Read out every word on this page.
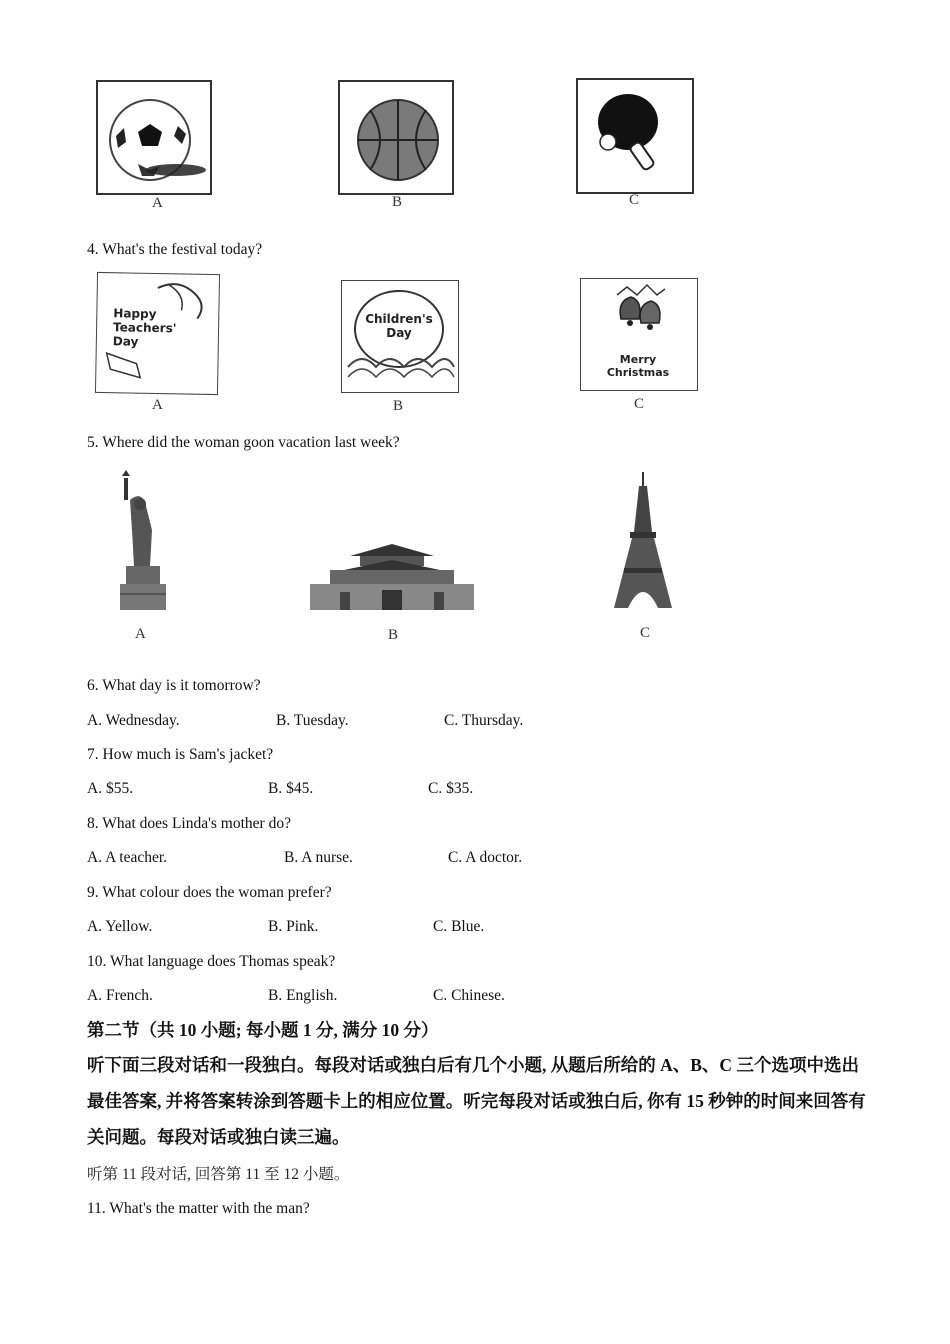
A	B	C
4. What's the festival today?
Happy
Teachers'
Day
A
Children's
Day
B
Merry
Christmas
C
5. Where did the woman goon vacation last week?
A	B	C
6. What day is it tomorrow?
A. Wednesday.	B. Tuesday.	C. Thursday.
7. How much is Sam's jacket?
A. $55.	B. $45.	C. $35.
8. What does Linda's mother do?
A. A teacher.	B. A nurse.	C. A doctor.
9. What colour does the woman prefer?
A. Yellow.	B. Pink.	C. Blue.
10. What language does Thomas speak?
A. French.	B. English.	C. Chinese.
第二节（共 10 小题; 每小题 1 分, 满分 10 分）
听下面三段对话和一段独白。每段对话或独白后有几个小题, 从题后所给的 A、B、C 三个选项中选出最佳答案, 并将答案转涂到答题卡上的相应位置。听完每段对话或独白后, 你有 15 秒钟的时间来回答有关问题。每段对话或独白读三遍。
听第 11 段对话, 回答第 11 至 12 小题。
11. What's the matter with the man?
